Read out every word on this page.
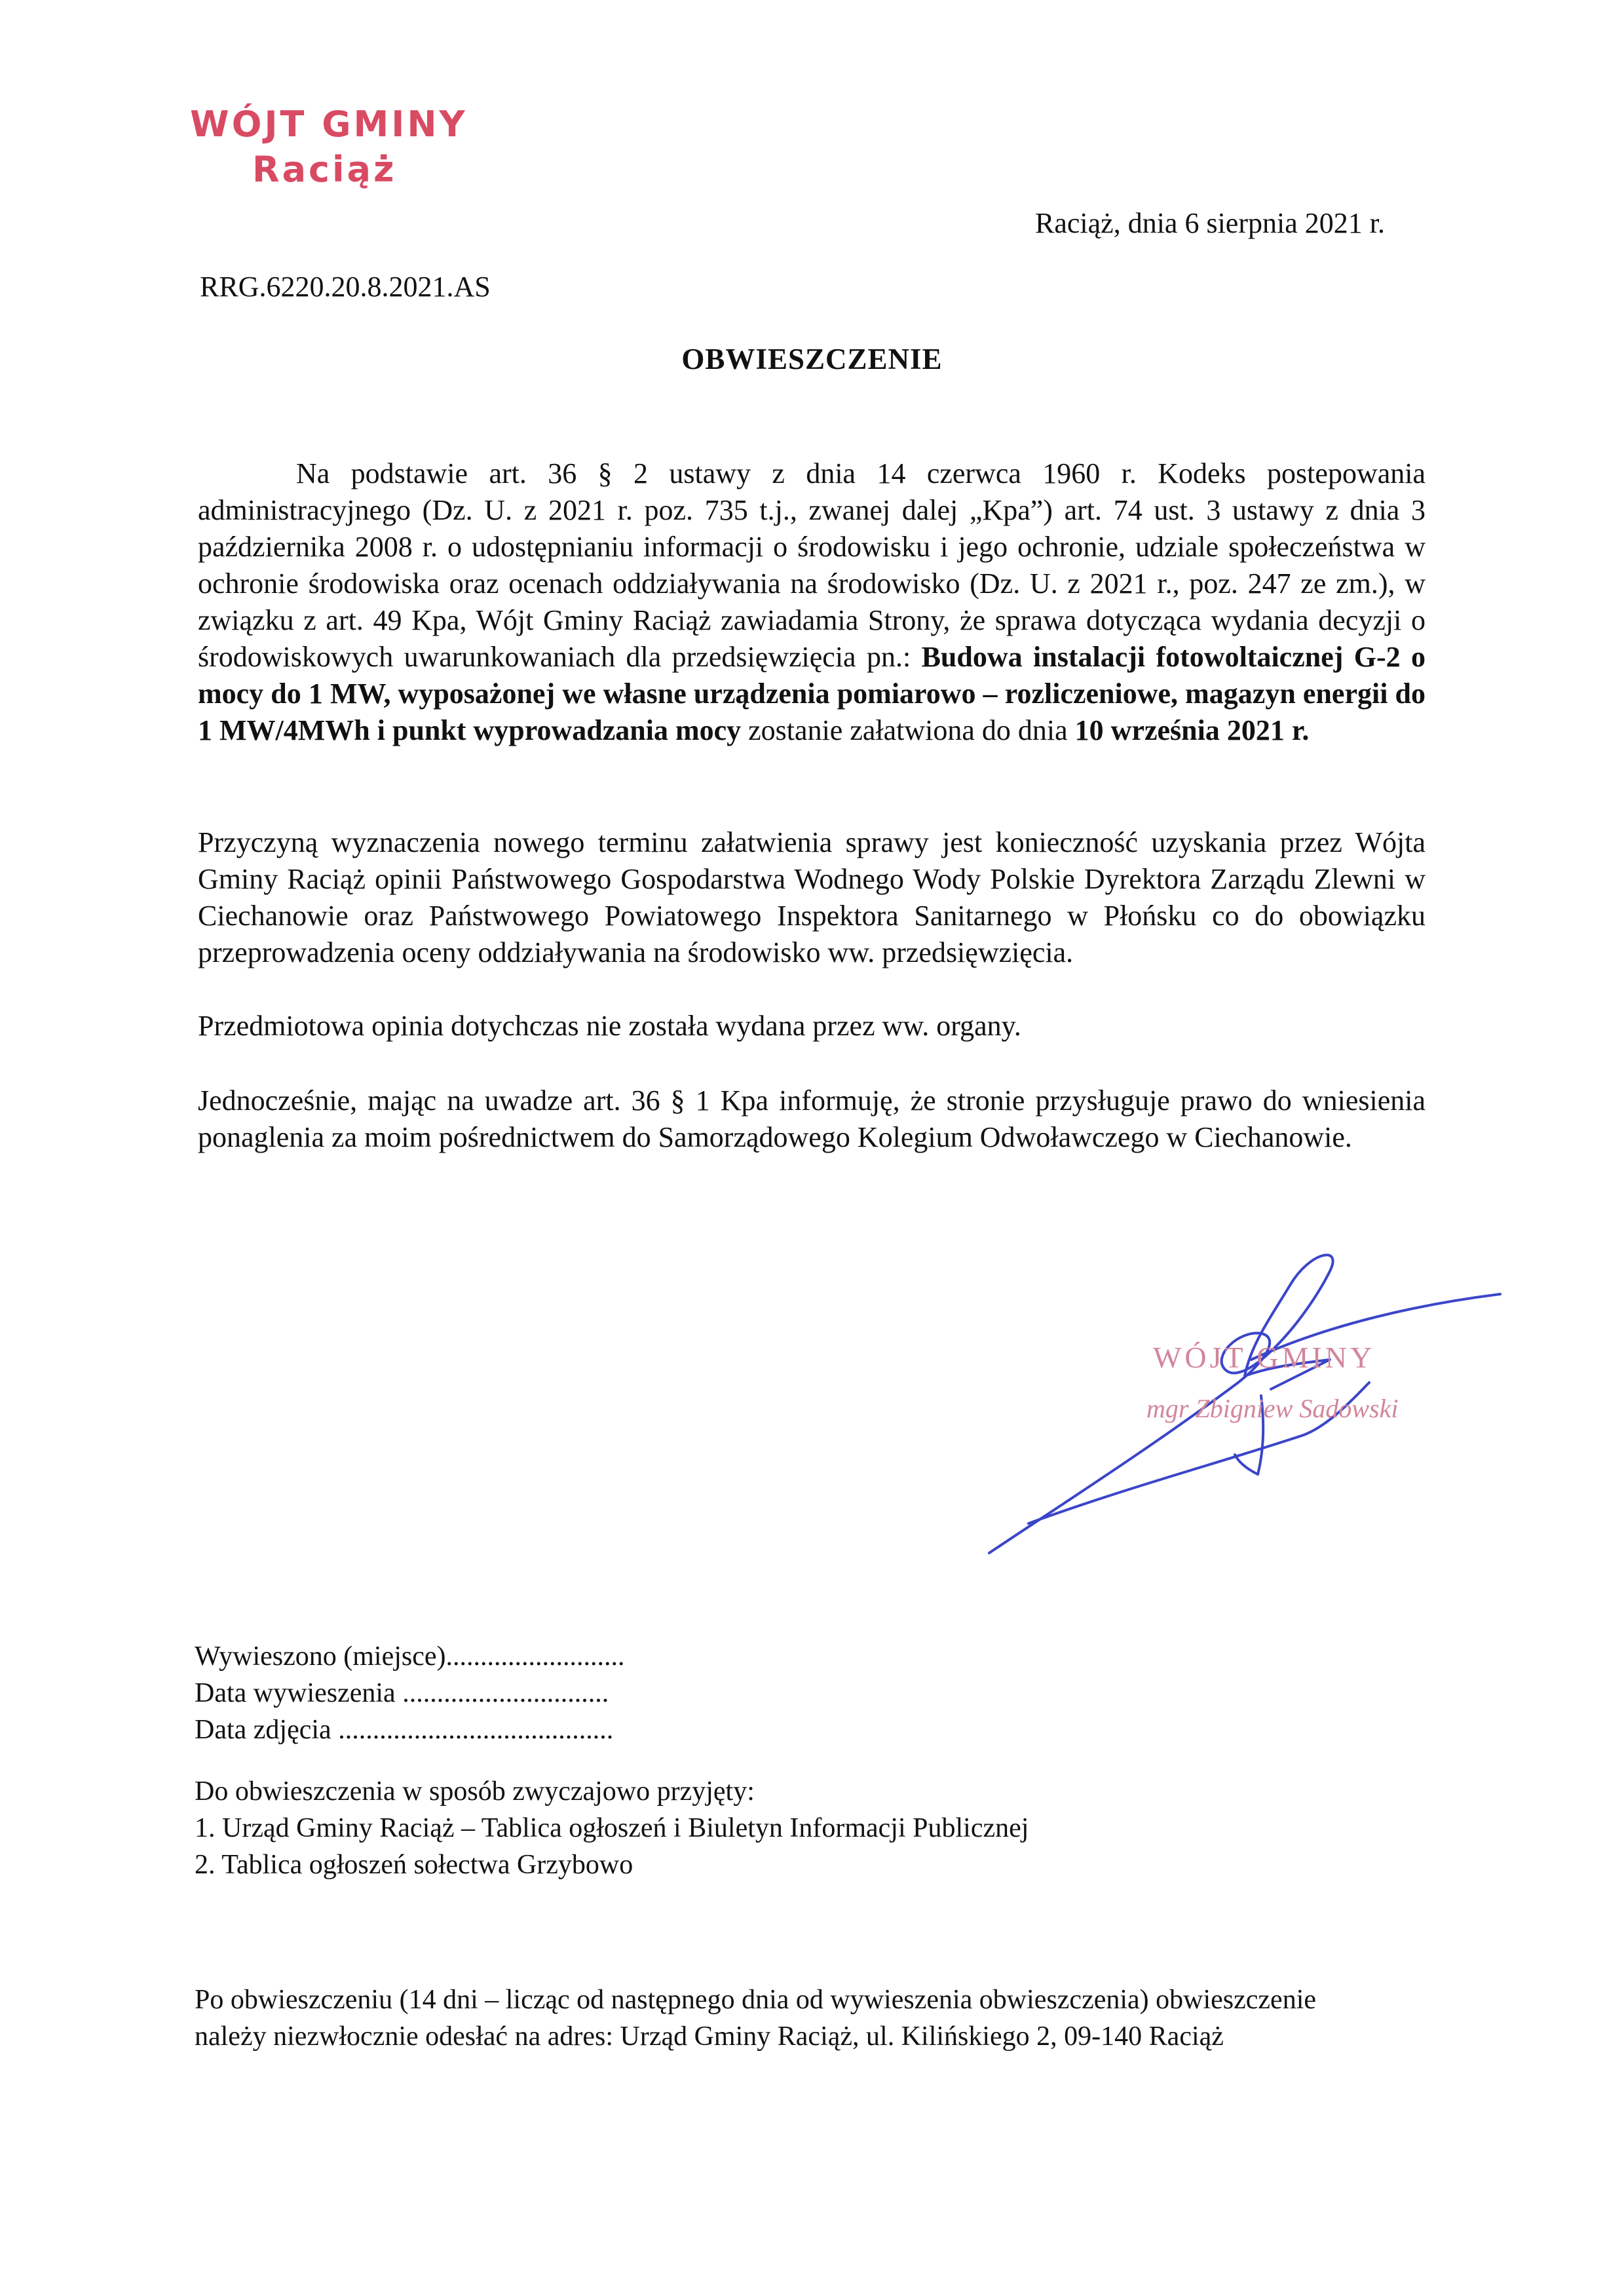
WÓJT GMINY
Raciąż
Raciąż, dnia 6 sierpnia 2021 r.
RRG.6220.20.8.2021.AS
OBWIESZCZENIE

Na podstawie art. 36 § 2 ustawy z dnia 14 czerwca 1960 r. Kodeks postepowania administracyjnego (Dz. U. z 2021 r. poz. 735 t.j., zwanej dalej „Kpa”) art. 74 ust. 3 ustawy z dnia 3 października 2008 r. o udostępnianiu informacji o środowisku i jego ochronie, udziale społeczeństwa w ochronie środowiska oraz ocenach oddziaływania na środowisko (Dz. U. z 2021 r., poz. 247 ze zm.), w związku z art. 49 Kpa, Wójt Gminy Raciąż zawiadamia Strony, że sprawa dotycząca wydania decyzji o środowiskowych uwarunkowaniach dla przedsięwzięcia pn.: Budowa instalacji fotowoltaicznej G-2 o mocy do 1 MW, wyposażonej we własne urządzenia pomiarowo – rozliczeniowe, magazyn energii do 1 MW/4MWh i punkt wyprowadzania mocy zostanie załatwiona do dnia 10 września 2021 r.

Przyczyną wyznaczenia nowego terminu załatwienia sprawy jest konieczność uzyskania przez Wójta Gminy Raciąż opinii Państwowego Gospodarstwa Wodnego Wody Polskie Dyrektora Zarządu Zlewni w Ciechanowie oraz Państwowego Powiatowego Inspektora Sanitarnego w Płońsku co do obowiązku przeprowadzenia oceny oddziaływania na środowisko ww. przedsięwzięcia.

Przedmiotowa opinia dotychczas nie została wydana przez ww. organy.

Jednocześnie, mając na uwadze art. 36 § 1 Kpa informuję, że stronie przysługuje prawo do wniesienia ponaglenia za moim pośrednictwem do Samorządowego Kolegium Odwoławczego w Ciechanowie.

WÓJT GMINY
mgr Zbigniew Sadowski
Wywieszono (miejsce)..........................
Data wywieszenia ..............................
Data zdjęcia ........................................
Do obwieszczenia w sposób zwyczajowo przyjęty:
1. Urząd Gminy Raciąż – Tablica ogłoszeń i Biuletyn Informacji Publicznej
2. Tablica ogłoszeń sołectwa Grzybowo
Po obwieszczeniu (14 dni – licząc od następnego dnia od wywieszenia obwieszczenia) obwieszczenie
należy niezwłocznie odesłać na adres: Urząd Gminy Raciąż, ul. Kilińskiego 2, 09-140 Raciąż
